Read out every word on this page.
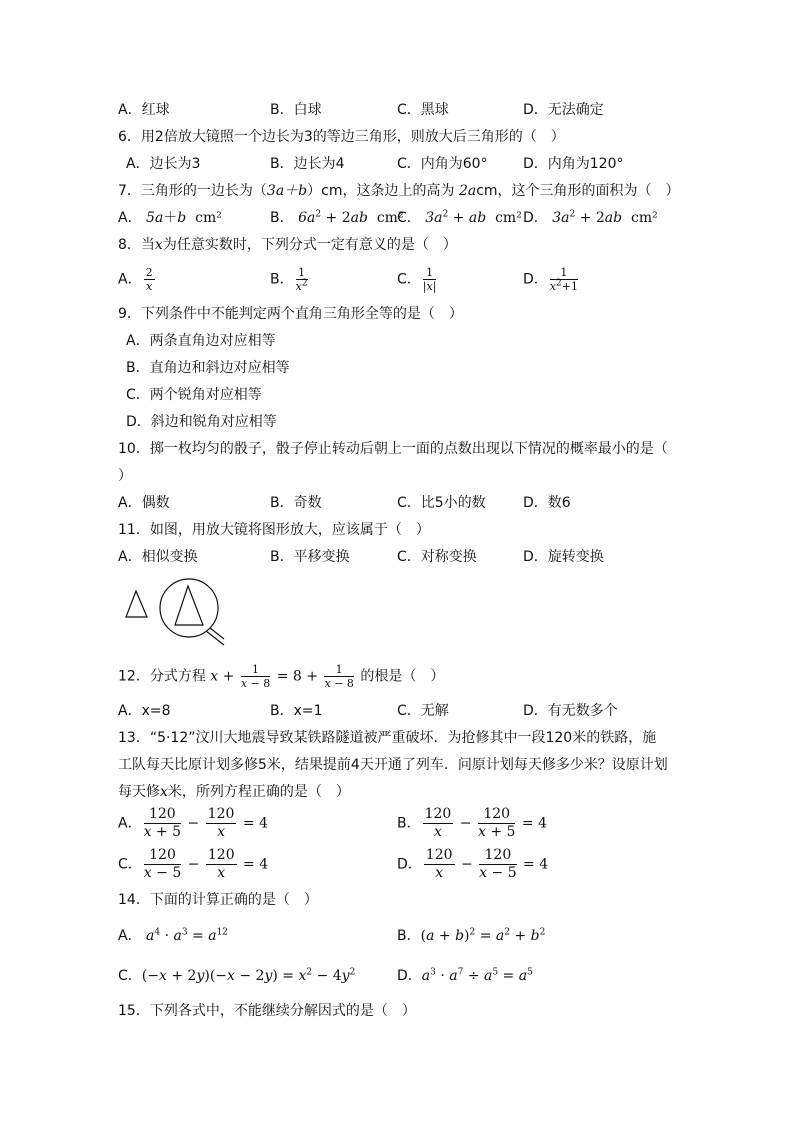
A．红球	B．白球	C．黑球	D．无法确定
6．用2倍放大镜照一个边长为3的等边三角形，则放大后三角形的（　）
A．边长为3	B．边长为4	C．内角为60°	D．内角为120°
7．三角形的一边长为（3a＋b）cm，这条边上的高为 2acm，这个三角形的面积为（　）
A． 5a＋b cm²	B． $6a^2 + 2ab$ cm²
C． $3a^2$ + ab cm² D． $3a^2 + 2ab$ cm²
8．当x为任意实数时，下列分式一定有意义的是（　）
A． $\frac{2}{x}$	B． $\frac{1}{x^2}$	C． $\frac{1}{|x|}$	D． $\frac{1}{x^2+1}$
9．下列条件中不能判定两个直角三角形全等的是（　）
A．两条直角边对应相等
B．直角边和斜边对应相等
C．两个锐角对应相等
D．斜边和锐角对应相等
10．掷一枚均匀的骰子，骰子停止转动后朝上一面的点数出现以下情况的概率最小的是（
）
A．偶数	B．奇数	C．比5小的数	D．数6
11．如图，用放大镜将图形放大，应该属于（　）
A．相似变换	B．平移变换	C．对称变换	D．旋转变换
12．分式方程 $x + \frac{1}{x - 8} = 8 + \frac{1}{x - 8}$ 的根是（　）
A．x=8	B．x=1	C．无解	D．有无数多个
13．“5·12”汶川大地震导致某铁路隧道被严重破坏．为抢修其中一段120米的铁路，施
工队每天比原计划多修5米，结果提前4天开通了列车．问原计划每天修多少米？设原计划
每天修x米，所列方程正确的是（　）
A． $\frac{120}{x + 5} - \frac{120}{x} = 4$	B． $\frac{120}{x} - \frac{120}{x + 5} = 4$
C． $\frac{120}{x - 5} - \frac{120}{x} = 4$	D． $\frac{120}{x} - \frac{120}{x - 5} = 4$
14．下面的计算正确的是（　）
A． $a^4 \cdot a^3 = a^{12}$	B．$(a + b)^2 = a^2 + b^2$
C．$(-x + 2y)(-x - 2y) = x^2 - 4y^2$	D．$a^3 \cdot a^7 \div a^5 = a^5$
15．下列各式中，不能继续分解因式的是（　）
